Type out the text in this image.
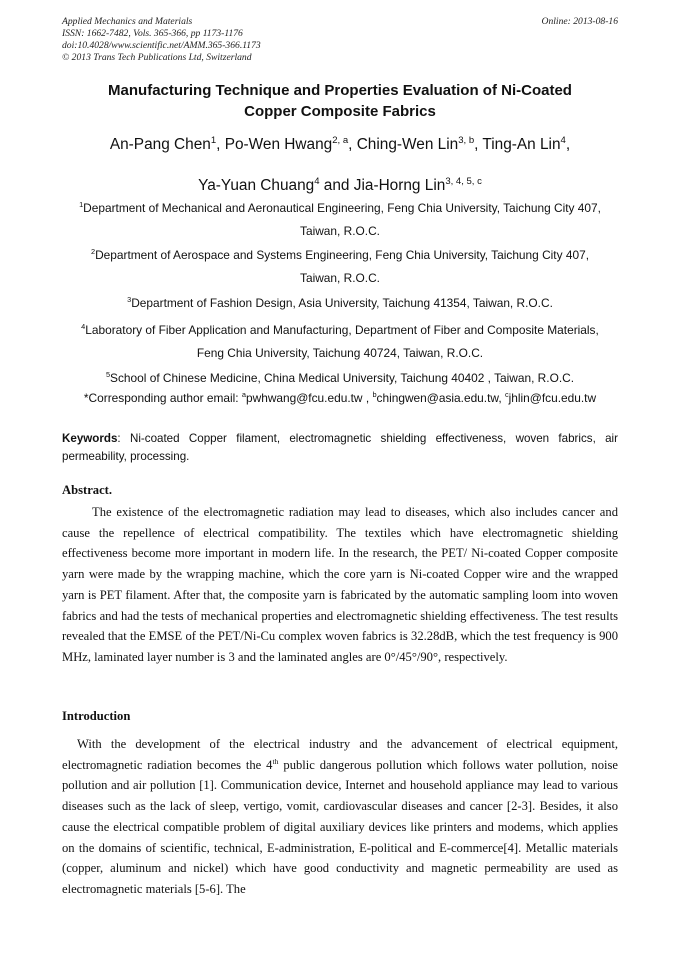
Applied Mechanics and Materials
ISSN: 1662-7482, Vols. 365-366, pp 1173-1176
doi:10.4028/www.scientific.net/AMM.365-366.1173
© 2013 Trans Tech Publications Ltd, Switzerland
Online: 2013-08-16
Manufacturing Technique and Properties Evaluation of Ni-Coated
Copper Composite Fabrics
An-Pang Chen$^1$, Po-Wen Hwang$^{2, a}$, Ching-Wen Lin$^{3, b}$, Ting-An Lin$^4$,
Ya-Yuan Chuang$^4$ and Jia-Horng Lin$^{3, 4, 5, c}$
$^1$Department of Mechanical and Aeronautical Engineering, Feng Chia University, Taichung City 407,
Taiwan, R.O.C.
$^2$Department of Aerospace and Systems Engineering, Feng Chia University, Taichung City 407,
Taiwan, R.O.C.
$^3$Department of Fashion Design, Asia University, Taichung 41354, Taiwan, R.O.C.
$^4$Laboratory of Fiber Application and Manufacturing, Department of Fiber and Composite Materials,
Feng Chia University, Taichung 40724, Taiwan, R.O.C.
$^5$School of Chinese Medicine, China Medical University, Taichung 40402 , Taiwan, R.O.C.
*Corresponding author email: $^a$pwhwang@fcu.edu.tw , $^b$chingwen@asia.edu.tw, $^c$jhlin@fcu.edu.tw
Keywords: Ni-coated Copper filament, electromagnetic shielding effectiveness, woven fabrics, air permeability, processing.
Abstract.
The existence of the electromagnetic radiation may lead to diseases, which also includes cancer and cause the repellence of electrical compatibility. The textiles which have electromagnetic shielding effectiveness become more important in modern life. In the research, the PET/ Ni-coated Copper composite yarn were made by the wrapping machine, which the core yarn is Ni-coated Copper wire and the wrapped yarn is PET filament. After that, the composite yarn is fabricated by the automatic sampling loom into woven fabrics and had the tests of mechanical properties and electromagnetic shielding effectiveness. The test results revealed that the EMSE of the PET/Ni-Cu complex woven fabrics is 32.28dB, which the test frequency is 900 MHz, laminated layer number is 3 and the laminated angles are 0°/45°/90°, respectively.
Introduction
With the development of the electrical industry and the advancement of electrical equipment, electromagnetic radiation becomes the 4th public dangerous pollution which follows water pollution, noise pollution and air pollution [1]. Communication device, Internet and household appliance may lead to various diseases such as the lack of sleep, vertigo, vomit, cardiovascular diseases and cancer [2-3]. Besides, it also cause the electrical compatible problem of digital auxiliary devices like printers and modems, which applies on the domains of scientific, technical, E-administration, E-political and E-commerce[4]. Metallic materials (copper, aluminum and nickel) which have good conductivity and magnetic permeability are used as electromagnetic materials [5-6]. The
